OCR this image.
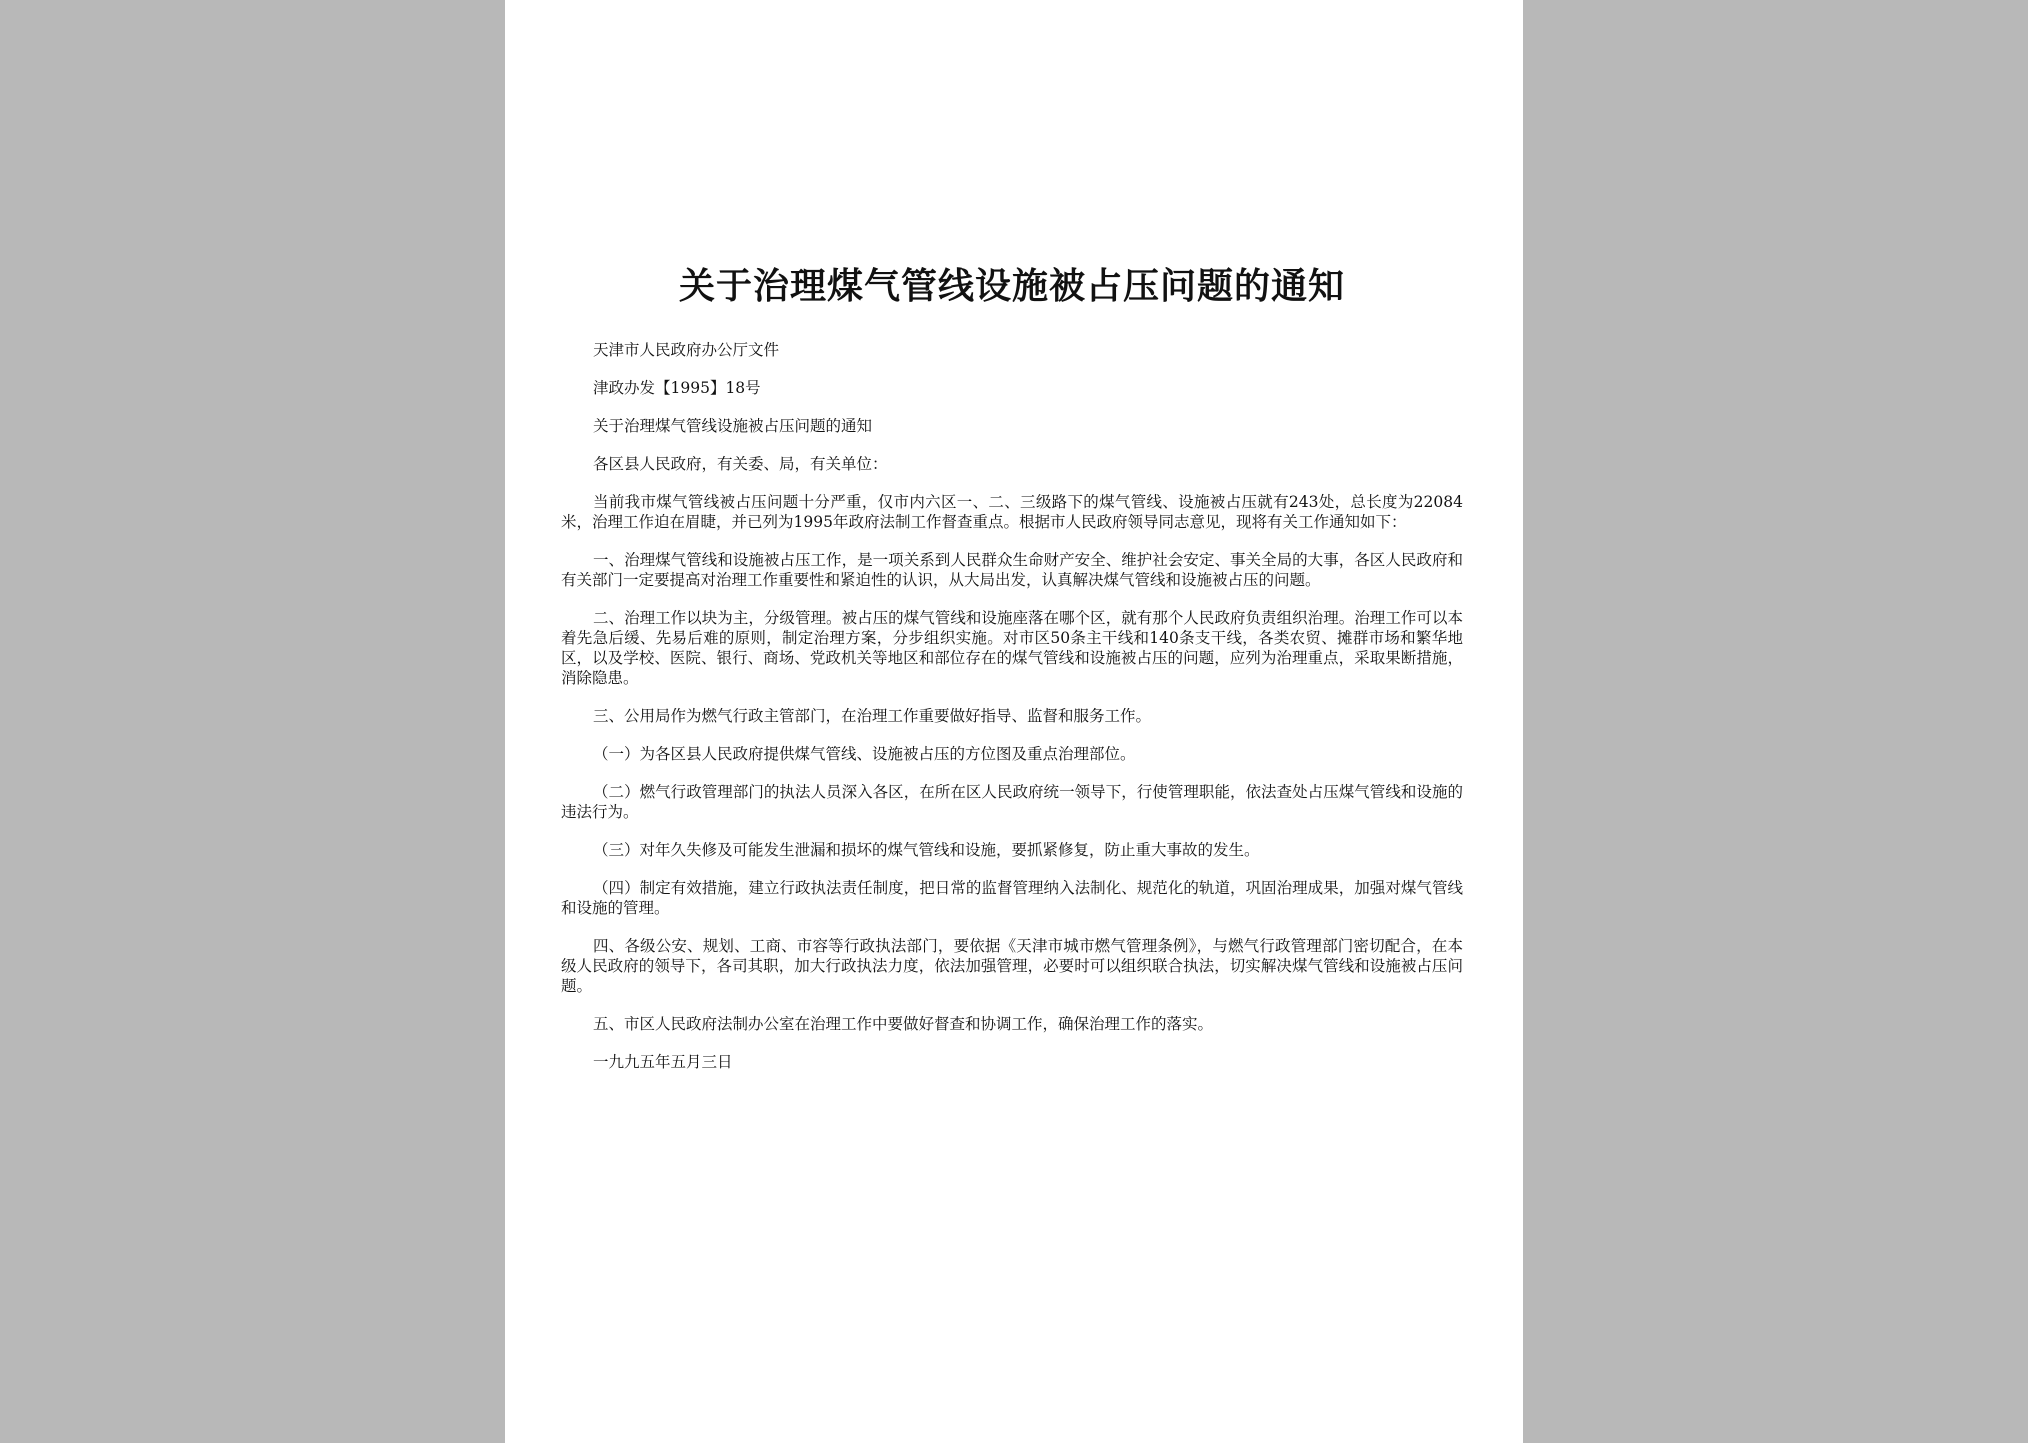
关于治理煤气管线设施被占压问题的通知

天津市人民政府办公厅文件

津政办发【1995】18号

关于治理煤气管线设施被占压问题的通知

各区县人民政府，有关委、局，有关单位：

当前我市煤气管线被占压问题十分严重，仅市内六区一、二、三级路下的煤气管线、设施被占压就有243处，总长度为22084米，治理工作迫在眉睫，并已列为1995年政府法制工作督查重点。根据市人民政府领导同志意见，现将有关工作通知如下：

一、治理煤气管线和设施被占压工作，是一项关系到人民群众生命财产安全、维护社会安定、事关全局的大事，各区人民政府和有关部门一定要提高对治理工作重要性和紧迫性的认识，从大局出发，认真解决煤气管线和设施被占压的问题。

二、治理工作以块为主，分级管理。被占压的煤气管线和设施座落在哪个区，就有那个人民政府负责组织治理。治理工作可以本着先急后缓、先易后难的原则，制定治理方案，分步组织实施。对市区50条主干线和140条支干线，各类农贸、摊群市场和繁华地区，以及学校、医院、银行、商场、党政机关等地区和部位存在的煤气管线和设施被占压的问题，应列为治理重点，采取果断措施，消除隐患。

三、公用局作为燃气行政主管部门，在治理工作重要做好指导、监督和服务工作。

（一）为各区县人民政府提供煤气管线、设施被占压的方位图及重点治理部位。

（二）燃气行政管理部门的执法人员深入各区，在所在区人民政府统一领导下，行使管理职能，依法查处占压煤气管线和设施的违法行为。

（三）对年久失修及可能发生泄漏和损坏的煤气管线和设施，要抓紧修复，防止重大事故的发生。

（四）制定有效措施，建立行政执法责任制度，把日常的监督管理纳入法制化、规范化的轨道，巩固治理成果，加强对煤气管线和设施的管理。

四、各级公安、规划、工商、市容等行政执法部门，要依据《天津市城市燃气管理条例》，与燃气行政管理部门密切配合，在本级人民政府的领导下，各司其职，加大行政执法力度，依法加强管理，必要时可以组织联合执法，切实解决煤气管线和设施被占压问题。

五、市区人民政府法制办公室在治理工作中要做好督查和协调工作，确保治理工作的落实。

一九九五年五月三日
